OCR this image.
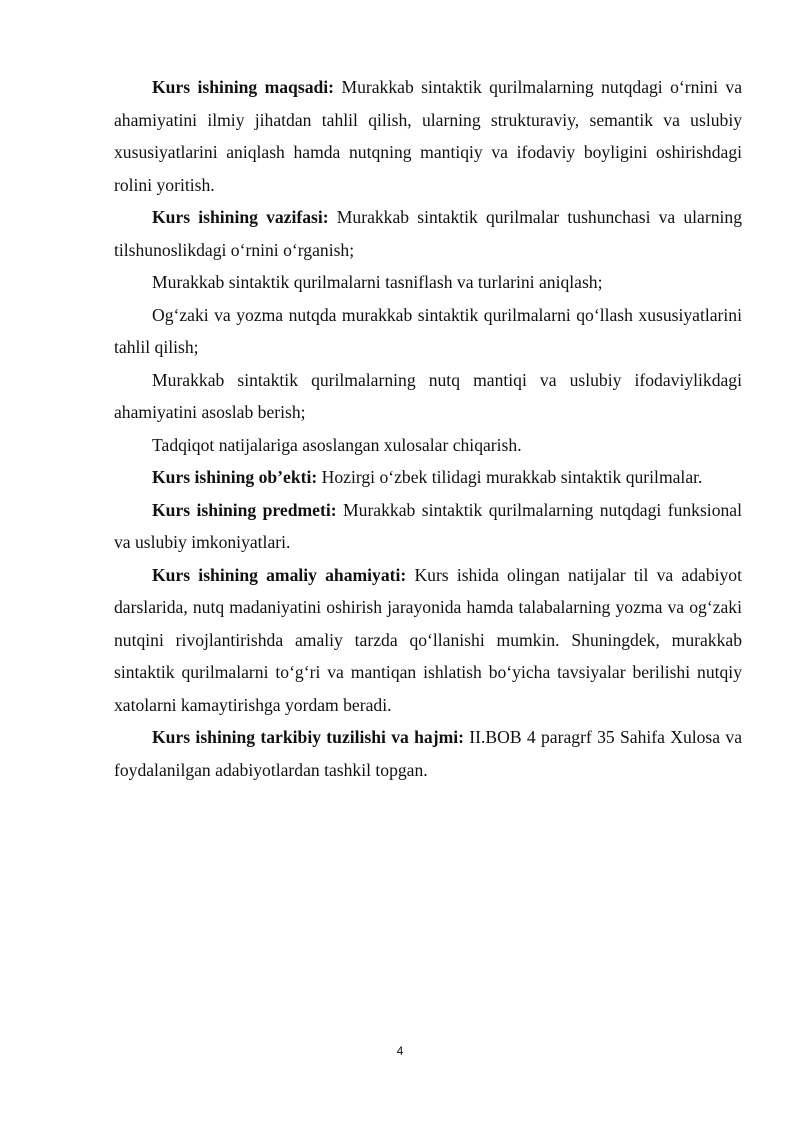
Kurs ishining maqsadi: Murakkab sintaktik qurilmalarning nutqdagi o‘rnini va ahamiyatini ilmiy jihatdan tahlil qilish, ularning strukturaviy, semantik va uslubiy xususiyatlarini aniqlash hamda nutqning mantiqiy va ifodaviy boyligini oshirishdagi rolini yoritish.

Kurs ishining vazifasi: Murakkab sintaktik qurilmalar tushunchasi va ularning tilshunoslikdagi o‘rnini o‘rganish;

Murakkab sintaktik qurilmalarni tasniflash va turlarini aniqlash;

Og‘zaki va yozma nutqda murakkab sintaktik qurilmalarni qo‘llash xususiyatlarini tahlil qilish;

Murakkab sintaktik qurilmalarning nutq mantiqi va uslubiy ifodaviylikdagi ahamiyatini asoslab berish;

Tadqiqot natijalariga asoslangan xulosalar chiqarish.

Kurs ishining ob’ekti: Hozirgi o‘zbek tilidagi murakkab sintaktik qurilmalar.

Kurs ishining predmeti: Murakkab sintaktik qurilmalarning nutqdagi funksional va uslubiy imkoniyatlari.

Kurs ishining amaliy ahamiyati: Kurs ishida olingan natijalar til va adabiyot darslarida, nutq madaniyatini oshirish jarayonida hamda talabalarning yozma va og‘zaki nutqini rivojlantirishda amaliy tarzda qo‘llanishi mumkin. Shuningdek, murakkab sintaktik qurilmalarni to‘g‘ri va mantiqan ishlatish bo‘yicha tavsiyalar berilishi nutqiy xatolarni kamaytirishga yordam beradi.

Kurs ishining tarkibiy tuzilishi va hajmi: II.BOB 4 paragrf 35 Sahifa Xulosa va foydalanilgan adabiyotlardan tashkil topgan.

4
